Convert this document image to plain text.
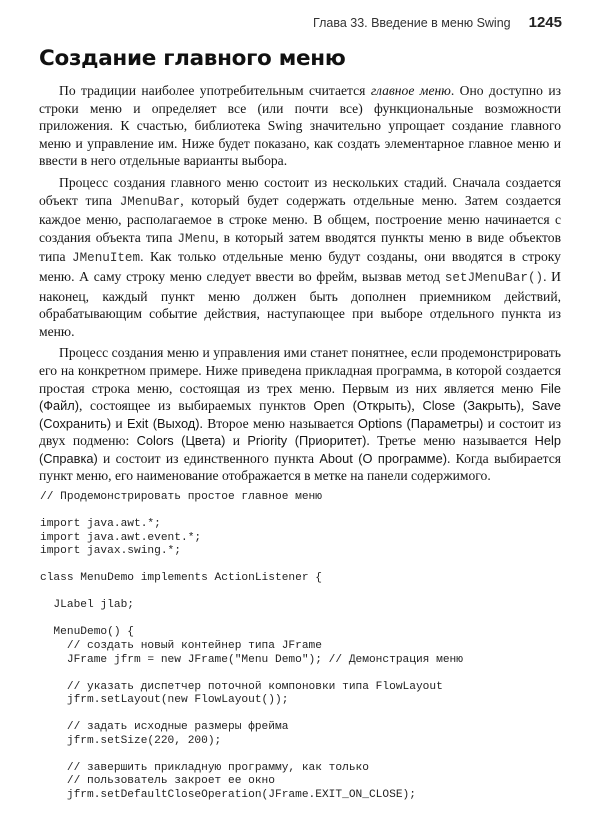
Глава 33. Введение в меню Swing 1245
Создание главного меню

По традиции наиболее употребительным считается главное меню. Оно доступно из строки меню и определяет все (или почти все) функциональные возможности приложения. К счастью, библиотека Swing значительно упрощает создание главного меню и управление им. Ниже будет показано, как создать элементарное главное меню и ввести в него отдельные варианты выбора.

Процесс создания главного меню состоит из нескольких стадий. Сначала создается объект типа JMenuBar, который будет содержать отдельные меню. Затем создается каждое меню, располагаемое в строке меню. В общем, построение меню начинается с создания объекта типа JMenu, в который затем вводятся пункты меню в виде объектов типа JMenuItem. Как только отдельные меню будут созданы, они вводятся в строку меню. А саму строку меню следует ввести во фрейм, вызвав метод setJMenuBar(). И наконец, каждый пункт меню должен быть дополнен приемником действий, обрабатывающим событие действия, наступающее при выборе отдельного пункта из меню.

Процесс создания меню и управления ими станет понятнее, если продемонстрировать его на конкретном примере. Ниже приведена прикладная программа, в которой создается простая строка меню, состоящая из трех меню. Первым из них является меню File (Файл), состоящее из выбираемых пунктов Open (Открыть), Close (Закрыть), Save (Сохранить) и Exit (Выход). Второе меню называется Options (Параметры) и состоит из двух подменю: Colors (Цвета) и Priority (Приоритет). Третье меню называется Help (Справка) и состоит из единственного пункта About (О программе). Когда выбирается пункт меню, его наименование отображается в метке на панели содержимого.

// Продемонстрировать простое главное меню
import java.awt.*;
import java.awt.event.*;
import javax.swing.*;
class MenuDemo implements ActionListener {
JLabel jlab;
MenuDemo() {
// создать новый контейнер типа JFrame
JFrame jfrm = new JFrame("Menu Demo"); // Демонстрация меню
// указать диспетчер поточной компоновки типа FlowLayout
jfrm.setLayout(new FlowLayout());
// задать исходные размеры фрейма
jfrm.setSize(220, 200);
// завершить прикладную программу, как только
// пользователь закроет ее окно
jfrm.setDefaultCloseOperation(JFrame.EXIT_ON_CLOSE);
